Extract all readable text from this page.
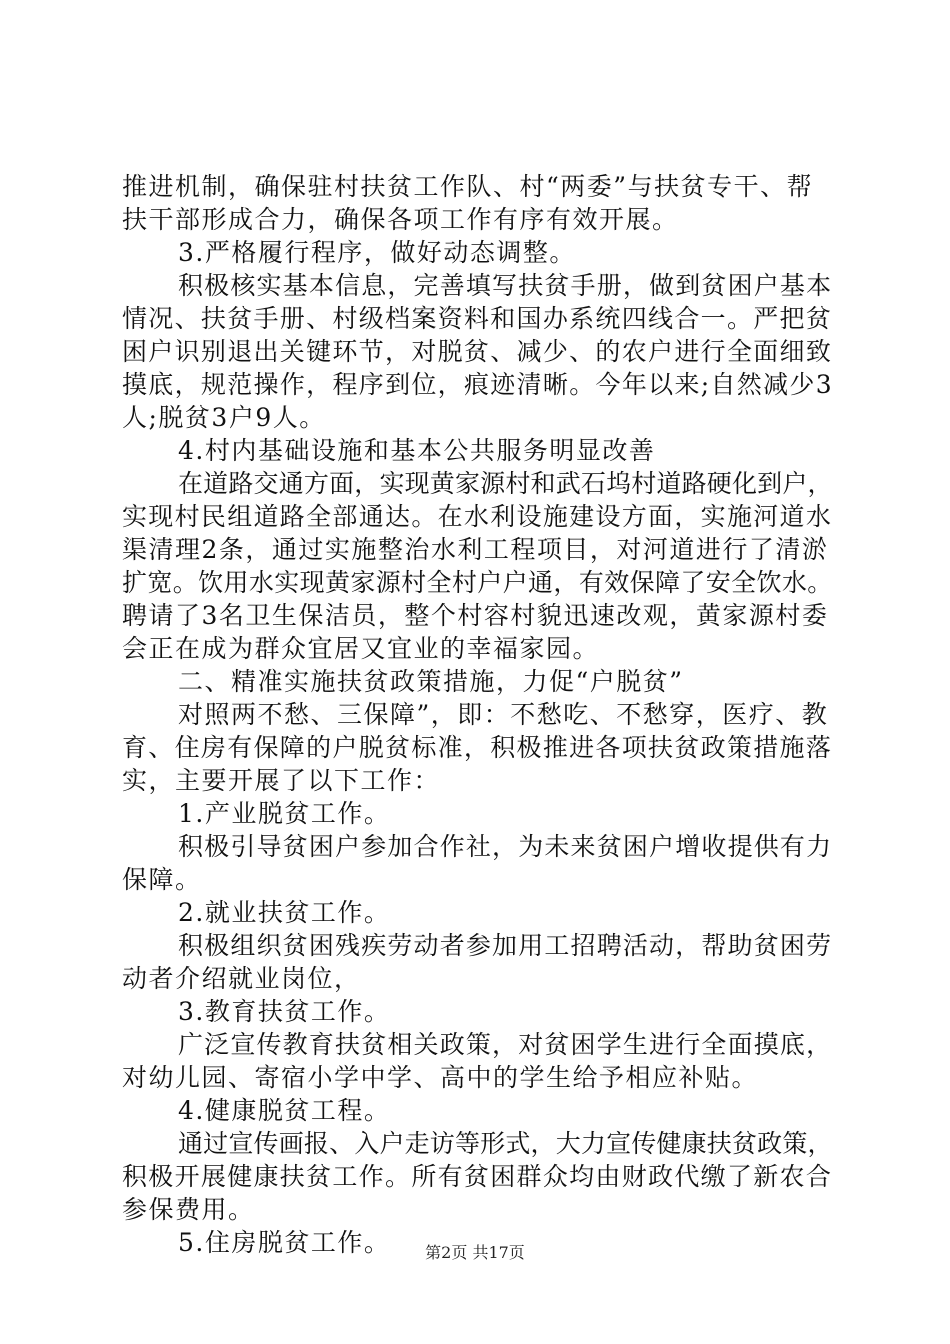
推进机制，确保驻村扶贫工作队、村“两委”与扶贫专干、帮
扶干部形成合力，确保各项工作有序有效开展。
3.严格履行程序，做好动态调整。
积极核实基本信息，完善填写扶贫手册，做到贫困户基本
情况、扶贫手册、村级档案资料和国办系统四线合一。严把贫
困户识别退出关键环节，对脱贫、减少、的农户进行全面细致
摸底，规范操作，程序到位，痕迹清晰。今年以来;自然减少3
人;脱贫3户9人。
4.村内基础设施和基本公共服务明显改善
在道路交通方面，实现黄家源村和武石坞村道路硬化到户，
实现村民组道路全部通达。在水利设施建设方面，实施河道水
渠清理2条，通过实施整治水利工程项目，对河道进行了清淤
扩宽。饮用水实现黄家源村全村户户通，有效保障了安全饮水。
聘请了3名卫生保洁员，整个村容村貌迅速改观，黄家源村委
会正在成为群众宜居又宜业的幸福家园。
二、精准实施扶贫政策措施，力促“户脱贫”
对照两不愁、三保障”，即：不愁吃、不愁穿，医疗、教
育、住房有保障的户脱贫标准，积极推进各项扶贫政策措施落
实，主要开展了以下工作：
1.产业脱贫工作。
积极引导贫困户参加合作社，为未来贫困户增收提供有力
保障。
2.就业扶贫工作。
积极组织贫困残疾劳动者参加用工招聘活动，帮助贫困劳
动者介绍就业岗位，
3.教育扶贫工作。
广泛宣传教育扶贫相关政策，对贫困学生进行全面摸底，
对幼儿园、寄宿小学中学、高中的学生给予相应补贴。
4.健康脱贫工程。
通过宣传画报、入户走访等形式，大力宣传健康扶贫政策，
积极开展健康扶贫工作。所有贫困群众均由财政代缴了新农合
参保费用。
5.住房脱贫工作。	第2页 共17页
